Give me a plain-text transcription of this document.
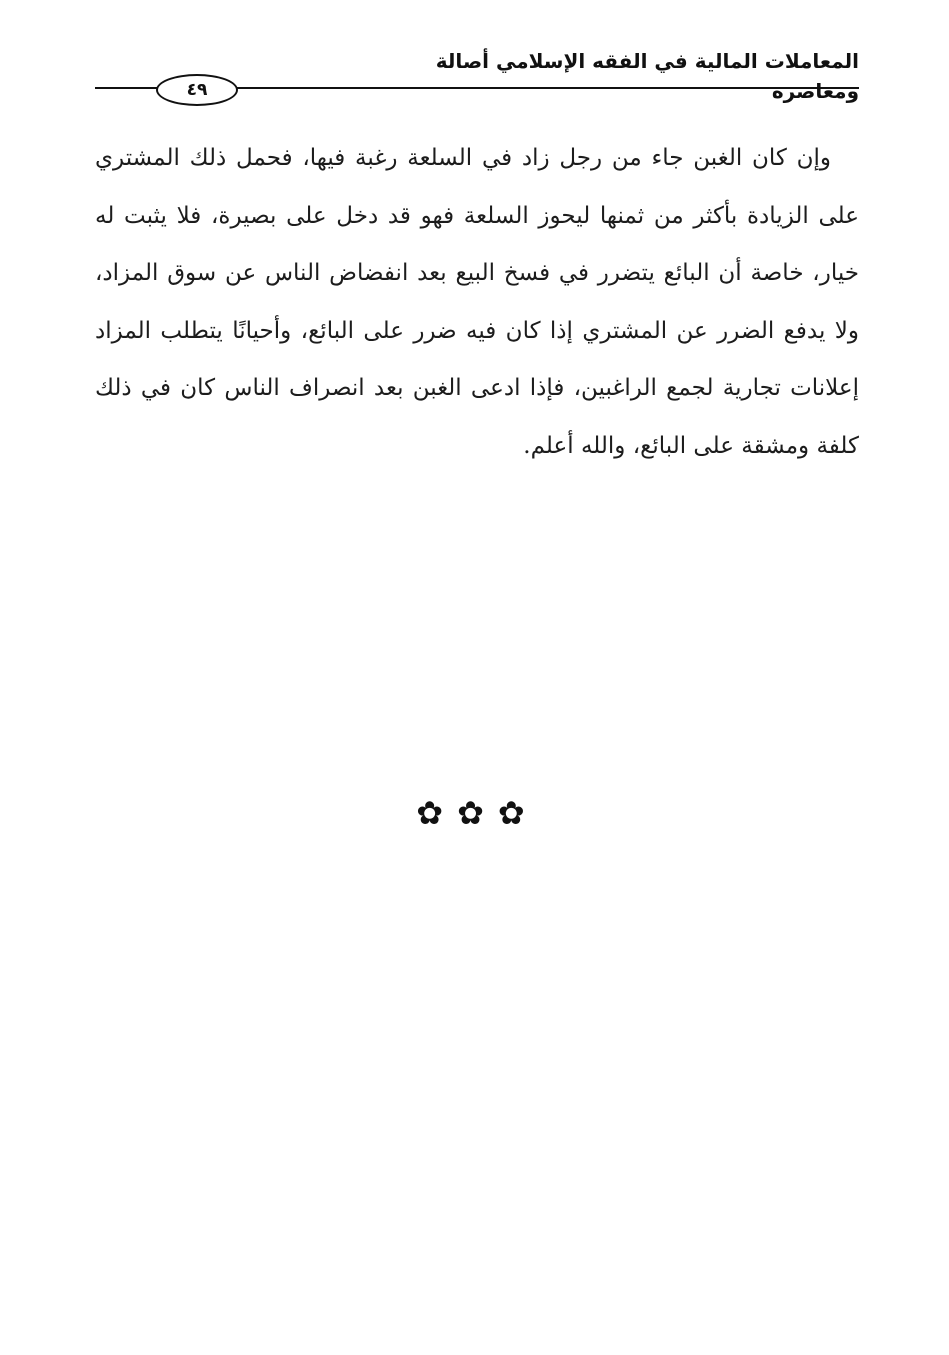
المعاملات المالية في الفقه الإسلامي أصالة ومعاصرة
٤٩

وإن كان الغبن جاء من رجل زاد في السلعة رغبة فيها، فحمل ذلك المشتري على الزيادة بأكثر من ثمنها ليحوز السلعة فهو قد دخل على بصيرة، فلا يثبت له خيار، خاصة أن البائع يتضرر في فسخ البيع بعد انفضاض الناس عن سوق المزاد، ولا يدفع الضرر عن المشتري إذا كان فيه ضرر على البائع، وأحيانًا يتطلب المزاد إعلانات تجارية لجمع الراغبين، فإذا ادعى الغبن بعد انصراف الناس كان في ذلك كلفة ومشقة على البائع، والله أعلم.

✿ ✿ ✿
